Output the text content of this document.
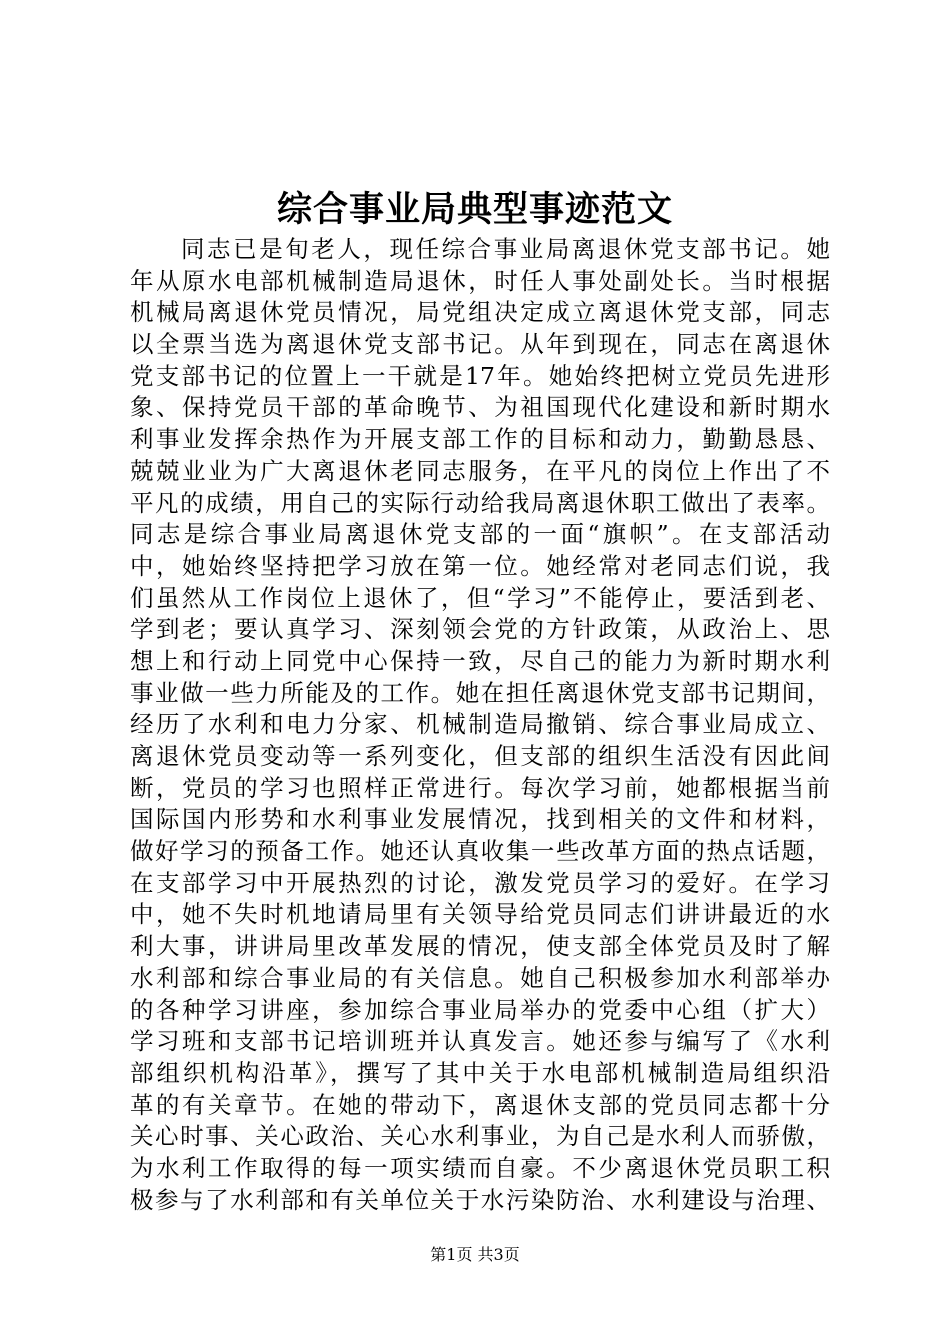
综合事业局典型事迹范文
同志已是旬老人，现任综合事业局离退休党支部书记。她
年从原水电部机械制造局退休，时任人事处副处长。当时根据
机械局离退休党员情况，局党组决定成立离退休党支部，同志
以全票当选为离退休党支部书记。从年到现在，同志在离退休
党支部书记的位置上一干就是17年。她始终把树立党员先进形
象、保持党员干部的革命晚节、为祖国现代化建设和新时期水
利事业发挥余热作为开展支部工作的目标和动力，勤勤恳恳、
兢兢业业为广大离退休老同志服务，在平凡的岗位上作出了不
平凡的成绩，用自己的实际行动给我局离退休职工做出了表率。
同志是综合事业局离退休党支部的一面“旗帜”。在支部活动
中，她始终坚持把学习放在第一位。她经常对老同志们说，我
们虽然从工作岗位上退休了，但“学习”不能停止，要活到老、
学到老；要认真学习、深刻领会党的方针政策，从政治上、思
想上和行动上同党中心保持一致，尽自己的能力为新时期水利
事业做一些力所能及的工作。她在担任离退休党支部书记期间，
经历了水利和电力分家、机械制造局撤销、综合事业局成立、
离退休党员变动等一系列变化，但支部的组织生活没有因此间
断，党员的学习也照样正常进行。每次学习前，她都根据当前
国际国内形势和水利事业发展情况，找到相关的文件和材料，
做好学习的预备工作。她还认真收集一些改革方面的热点话题，
在支部学习中开展热烈的讨论，激发党员学习的爱好。在学习
中，她不失时机地请局里有关领导给党员同志们讲讲最近的水
利大事，讲讲局里改革发展的情况，使支部全体党员及时了解
水利部和综合事业局的有关信息。她自己积极参加水利部举办
的各种学习讲座，参加综合事业局举办的党委中心组（扩大）
学习班和支部书记培训班并认真发言。她还参与编写了《水利
部组织机构沿革》，撰写了其中关于水电部机械制造局组织沿
革的有关章节。在她的带动下，离退休支部的党员同志都十分
关心时事、关心政治、关心水利事业，为自己是水利人而骄傲，
为水利工作取得的每一项实绩而自豪。不少离退休党员职工积
极参与了水利部和有关单位关于水污染防治、水利建设与治理、
第1页 共3页
